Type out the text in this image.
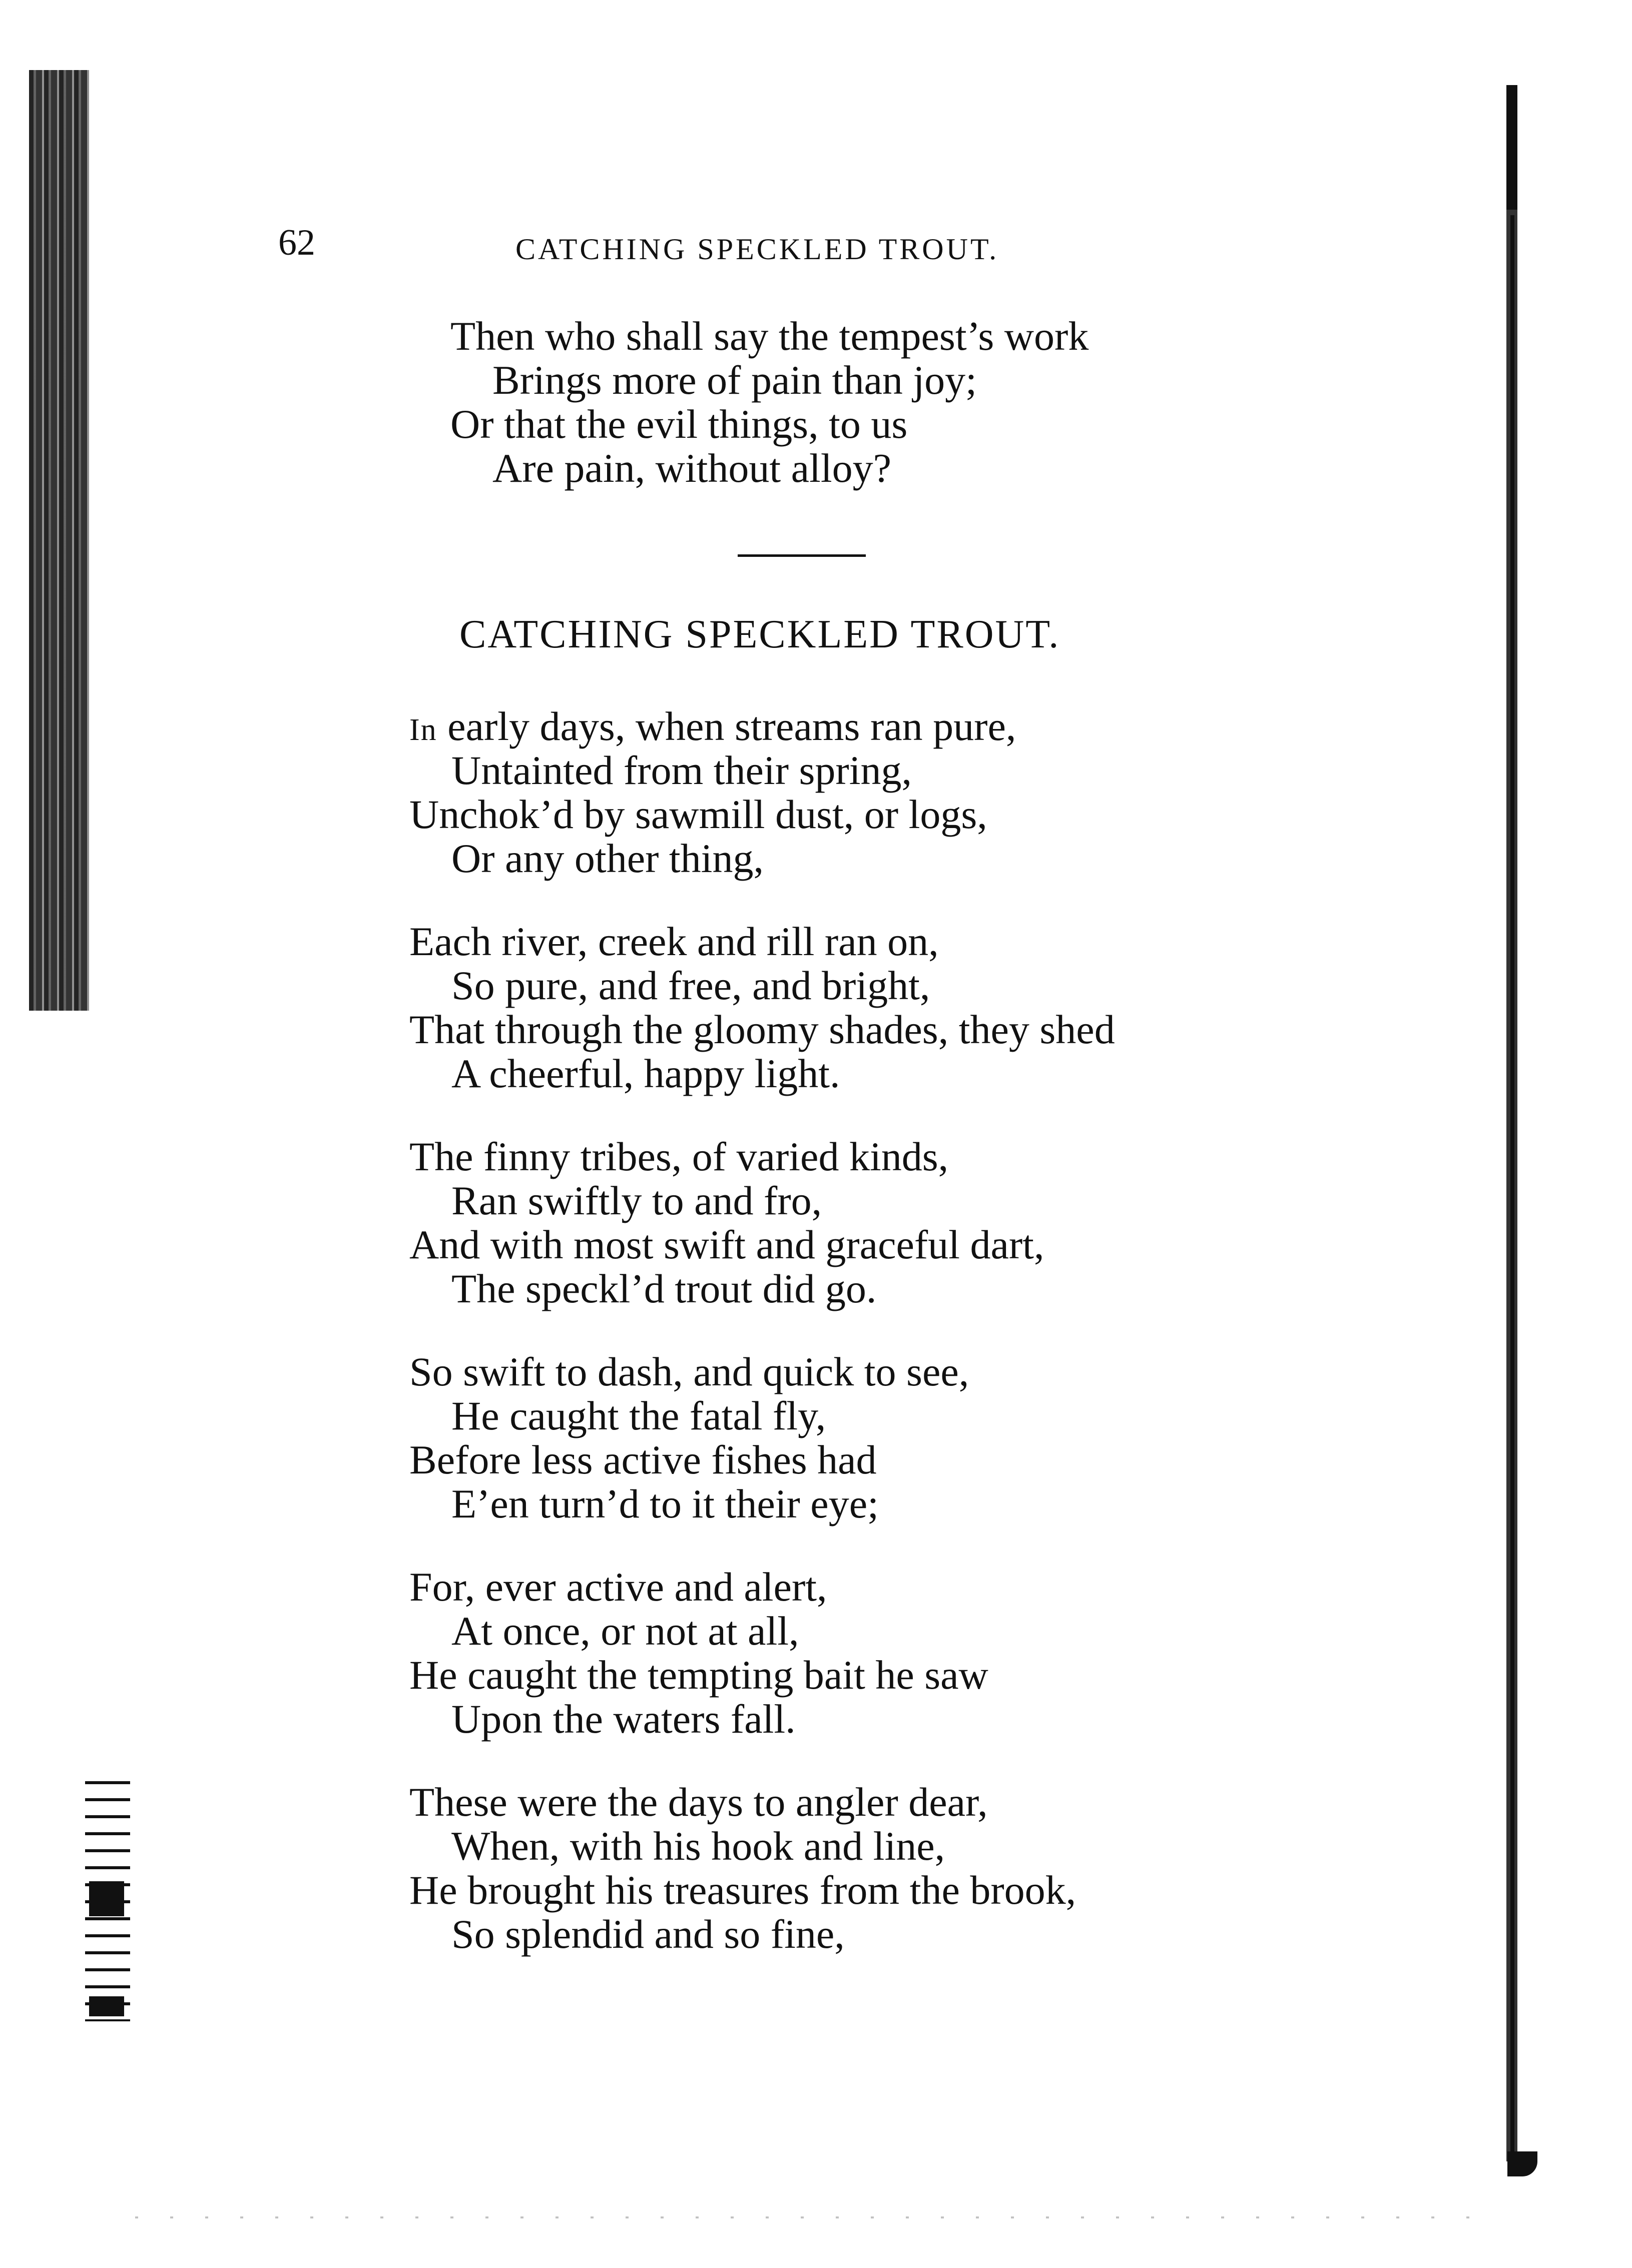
62	CATCHING SPECKLED TROUT.
Then who shall say the tempest’s work
Brings more of pain than joy;
Or that the evil things, to us
Are pain, without alloy?
CATCHING SPECKLED TROUT.
In early days, when streams ran pure,
Untainted from their spring,
Unchok’d by sawmill dust, or logs,
Or any other thing,
Each river, creek and rill ran on,
So pure, and free, and bright,
That through the gloomy shades, they shed
A cheerful, happy light.
The finny tribes, of varied kinds,
Ran swiftly to and fro,
And with most swift and graceful dart,
The speckl’d trout did go.
So swift to dash, and quick to see,
He caught the fatal fly,
Before less active fishes had
E’en turn’d to it their eye;
For, ever active and alert,
At once, or not at all,
He caught the tempting bait he saw
Upon the waters fall.
These were the days to angler dear,
When, with his hook and line,
He brought his treasures from the brook,
So splendid and so fine,
